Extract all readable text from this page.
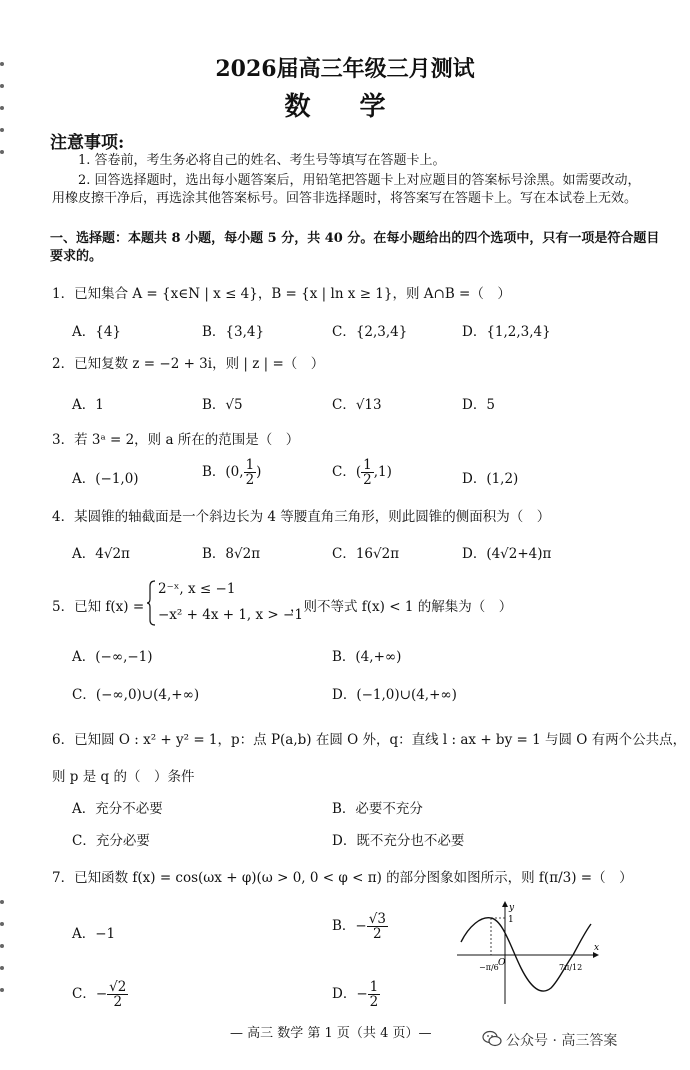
2026届高三年级三月测试
数 学
注意事项:
1. 答卷前，考生务必将自己的姓名、考生号等填写在答题卡上。
2. 回答选择题时，选出每小题答案后，用铅笔把答题卡上对应题目的答案标号涂黑。如需要改动，用橡皮擦干净后，再选涂其他答案标号。回答非选择题时，将答案写在答题卡上。写在本试卷上无效。
一、选择题：本题共 8 小题，每小题 5 分，共 40 分。在每小题给出的四个选项中，只有一项是符合题目要求的。
1．已知集合 A = {x∈N | x ≤ 4}，B = {x | ln x ≥ 1}，则 A∩B =（　）
A．{4}	B．{3,4}	C．{2,3,4}	D．{1,2,3,4}
2．已知复数 z = −2 + 3i，则 | z | =（　）
A．1	B．√5	C．√13	D．5
3．若 3ᵃ = 2，则 a 所在的范围是（　）
A．(−1,0)	B．(0, $\frac{1}{2}$ )	C．( $\frac{1}{2} ,1$)	D．(1,2)
4．某圆锥的轴截面是一个斜边长为 4 等腰直角三角形，则此圆锥的侧面积为（　）
A．4√2π	B．8√2π	C．16√2π	D．(4√2+4)π
5．已知 f(x) =
2⁻ˣ, x ≤ −1
−x² + 4x + 1, x > −1
，则不等式 f(x) < 1 的解集为（　）
A．(−∞,−1)	B．(4,+∞)
C．(−∞,0)∪(4,+∞)	D．(−1,0)∪(4,+∞)
6．已知圆 O : x² + y² = 1，p：点 P(a,b) 在圆 O 外，q：直线 l : ax + by = 1 与圆 O 有两个公共点，
则 p 是 q 的（　）条件
A．充分不必要	B．必要不充分
C．充分必要	D．既不充分也不必要
7．已知函数 f(x) = cos(ωx + φ)(ω > 0, 0 < φ < π) 的部分图象如图所示，则 f(π/3) =（　）
A．−1	B．− $\frac{√3}{2}$
C．− $\frac{√2}{2}$	D．− $\frac{1}{2}$
y
x
O
1
−π/6	7π/12
— 高三 数学 第 1 页（共 4 页）—	公众号 · 高三答案
